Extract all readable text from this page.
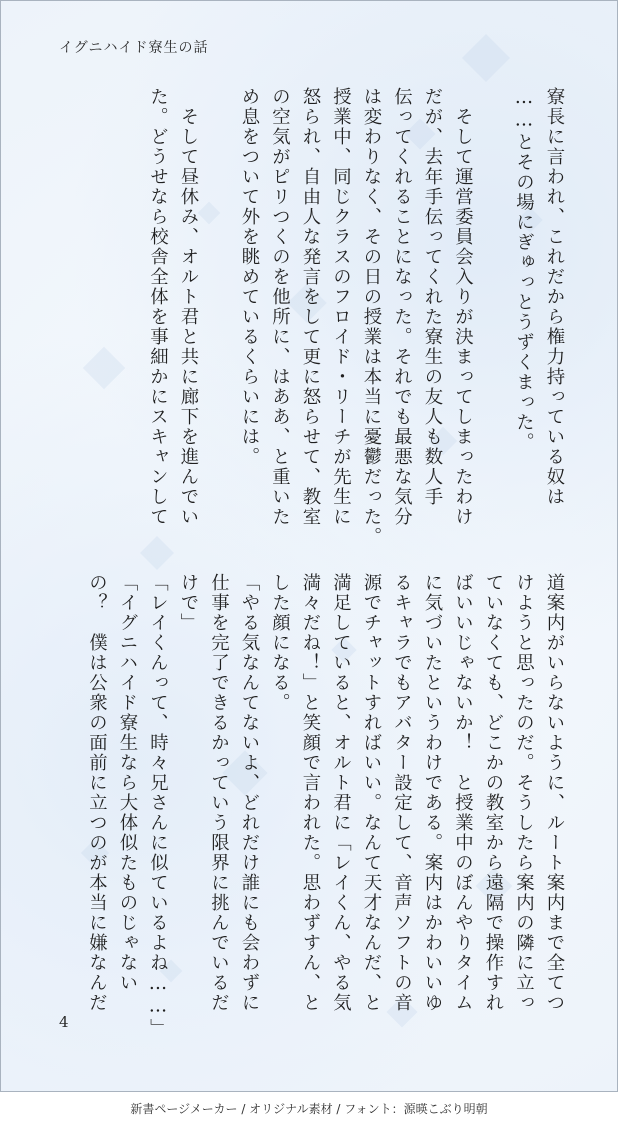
イグニハイド寮生の話

寮長に言われ、これだから権力持っている奴は
……とその場にぎゅっとうずくまった。

　そして運営委員会入りが決まってしまったわけ
だが、去年手伝ってくれた寮生の友人も数人手
伝ってくれることになった。それでも最悪な気分
は変わりなく、その日の授業は本当に憂鬱だった。
授業中、同じクラスのフロイド・リーチが先生に
怒られ、自由人な発言をして更に怒らせて、教室
の空気がピリつくのを他所に、はああ、と重いた
め息をついて外を眺めているくらいには。

　そして昼休み、オルト君と共に廊下を進んでい
た。どうせなら校舎全体を事細かにスキャンして

道案内がいらないように、ルート案内まで全てつ
けようと思ったのだ。そうしたら案内の隣に立っ
ていなくても、どこかの教室から遠隔で操作すれ
ばいいじゃないか！　と授業中のぼんやりタイム
に気づいたというわけである。案内はかわいいゆ
るキャラでもアバター設定して、音声ソフトの音
源でチャットすればいい。なんて天才なんだ、と
満足していると、オルト君に「レイくん、やる気
満々だね！」と笑顔で言われた。思わずすん、と
した顔になる。
「やる気なんてないよ、どれだけ誰にも会わずに
仕事を完了できるかっていう限界に挑んでいるだ
けで」
「レイくんって、時々兄さんに似ているよね……」
「イグニハイド寮生なら大体似たものじゃない
の？　僕は公衆の面前に立つのが本当に嫌なんだ

4

新書ページメーカー / オリジナル素材 / フォント：源暎こぶり明朝
